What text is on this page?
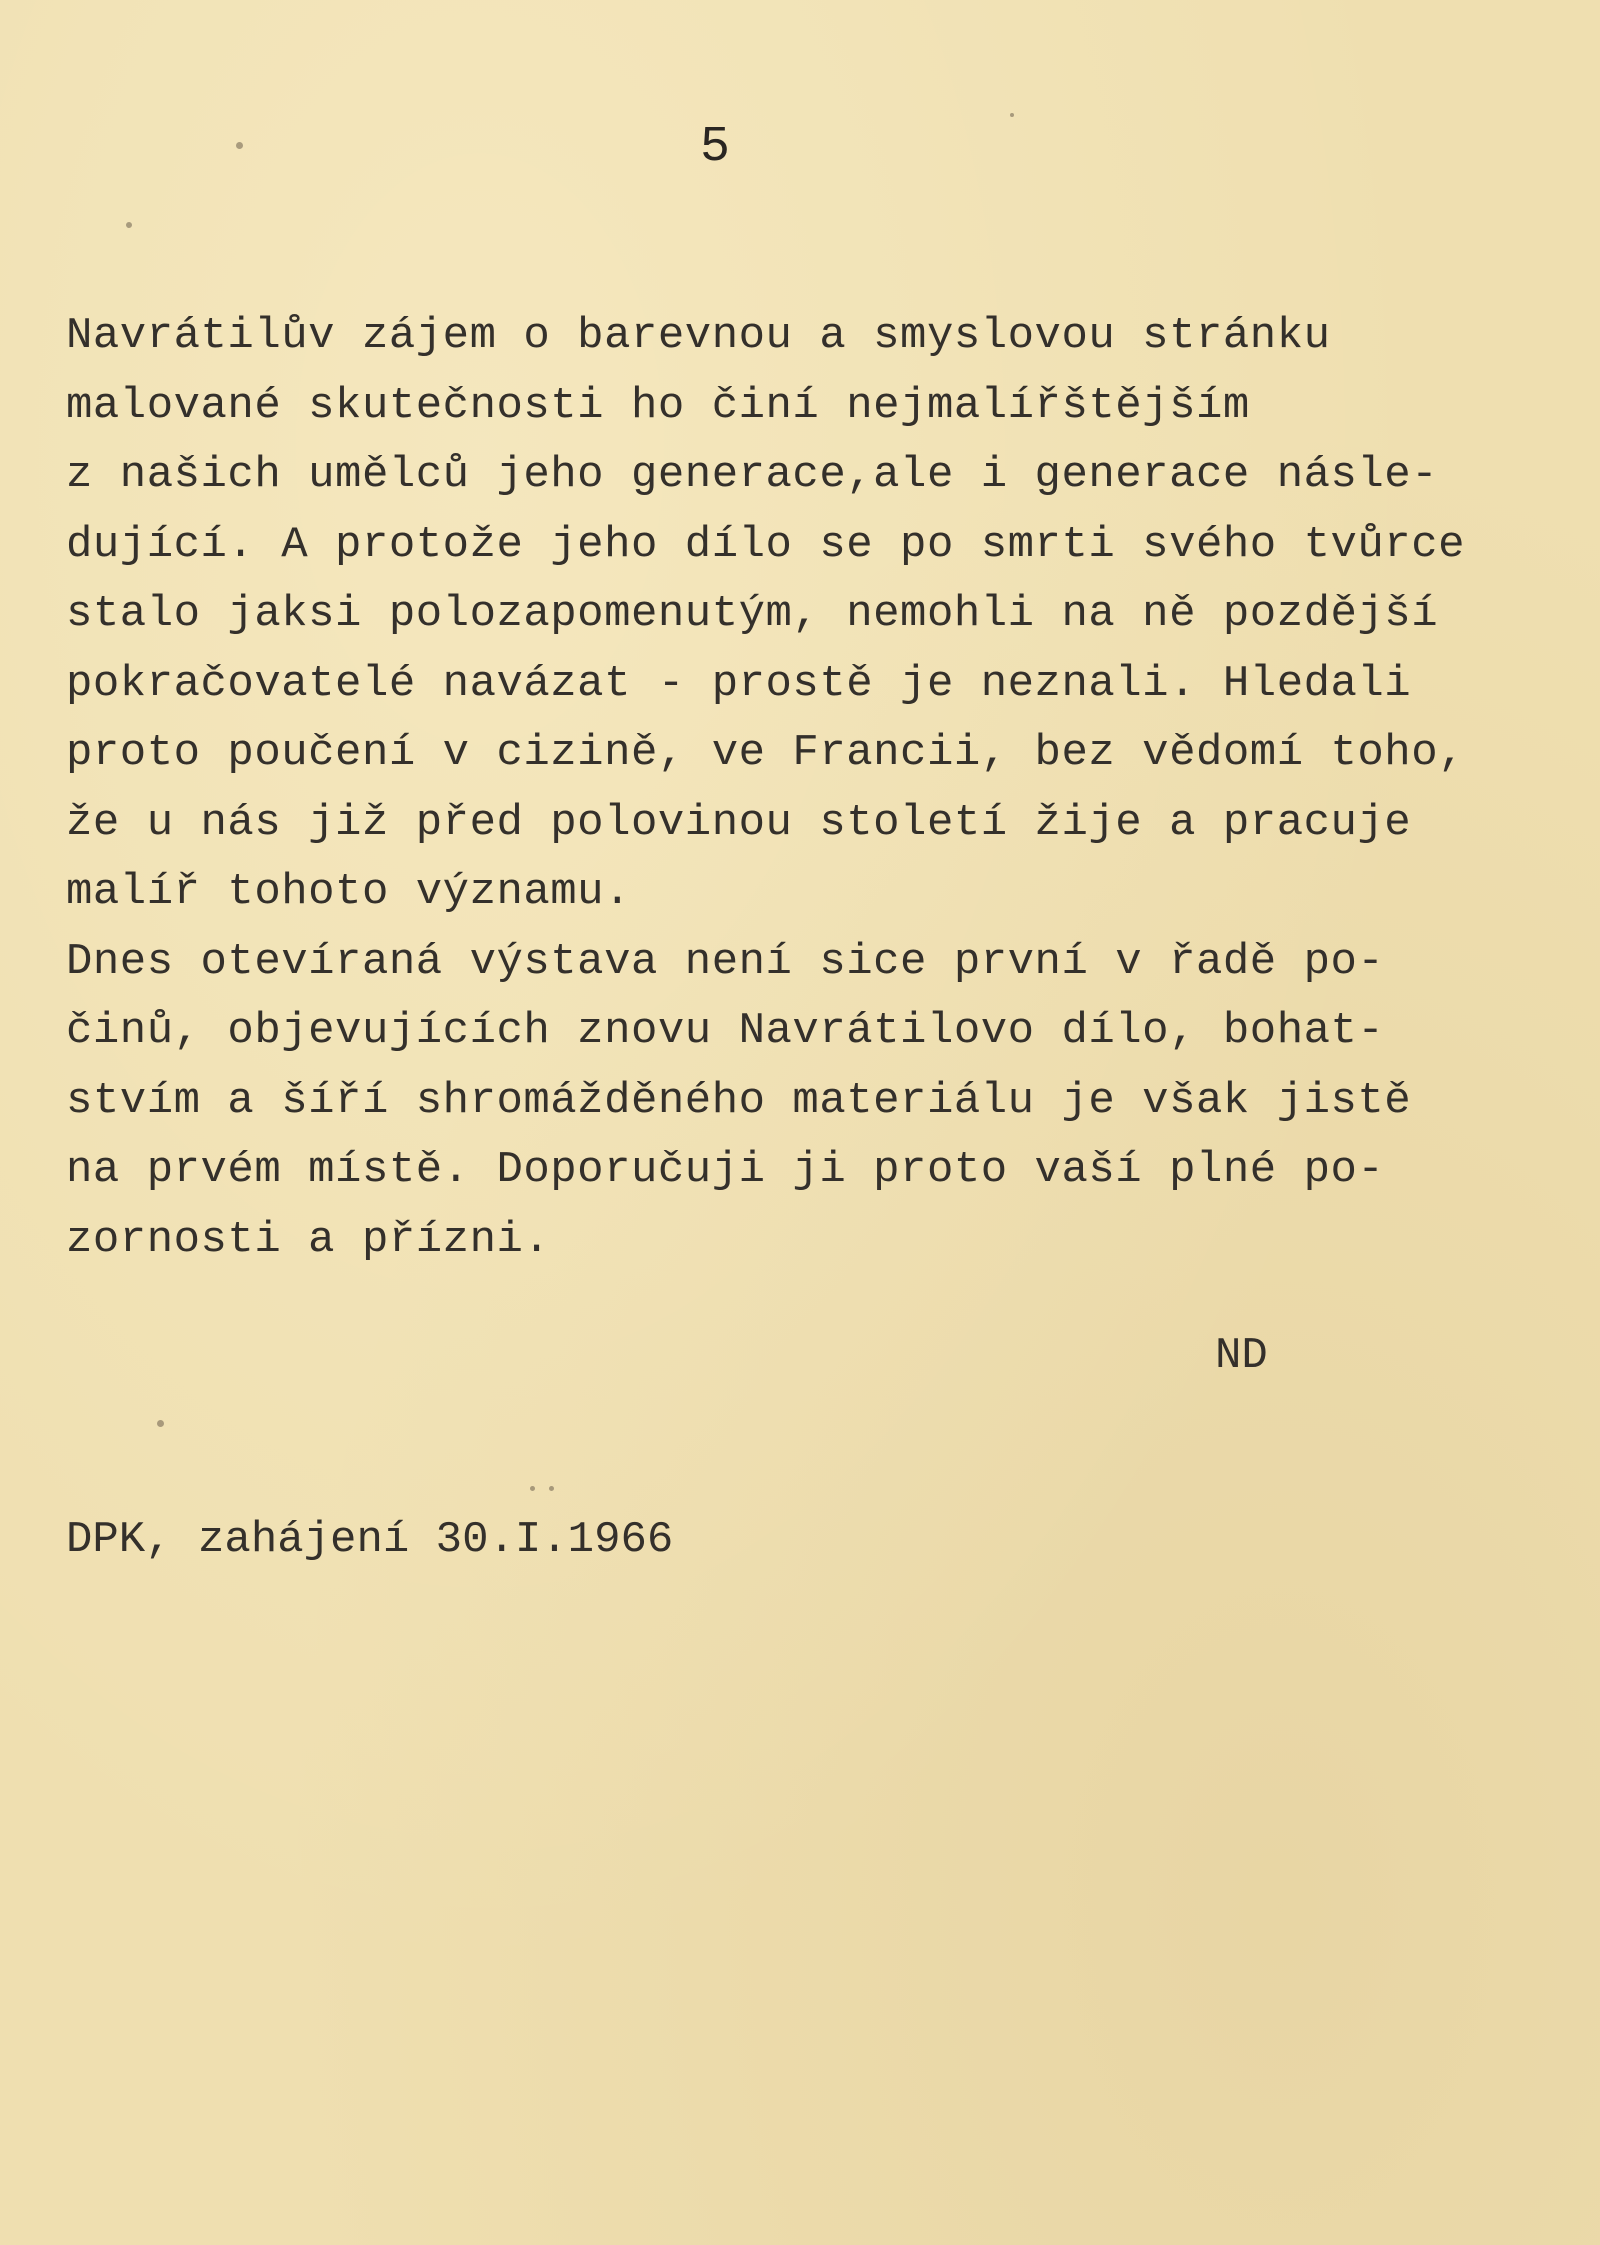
5
Navrátilův zájem o barevnou a smyslovou stránku
malované skutečnosti ho činí nejmalířštějším
z našich umělců jeho generace,ale i generace násle-
dující. A protože jeho dílo se po smrti svého tvůrce
stalo jaksi polozapomenutým, nemohli na ně pozdější
pokračovatelé navázat - prostě je neznali. Hledali
proto poučení v cizině, ve Francii, bez vědomí toho,
že u nás již před polovinou století žije a pracuje
malíř tohoto významu.
Dnes otevíraná výstava není sice první v řadě po-
činů, objevujících znovu Navrátilovo dílo, bohat-
stvím a šíří shromážděného materiálu je však jistě
na prvém místě. Doporučuji ji proto vaší plné po-
zornosti a přízni.
ND
DPK, zahájení 30.I.1966
